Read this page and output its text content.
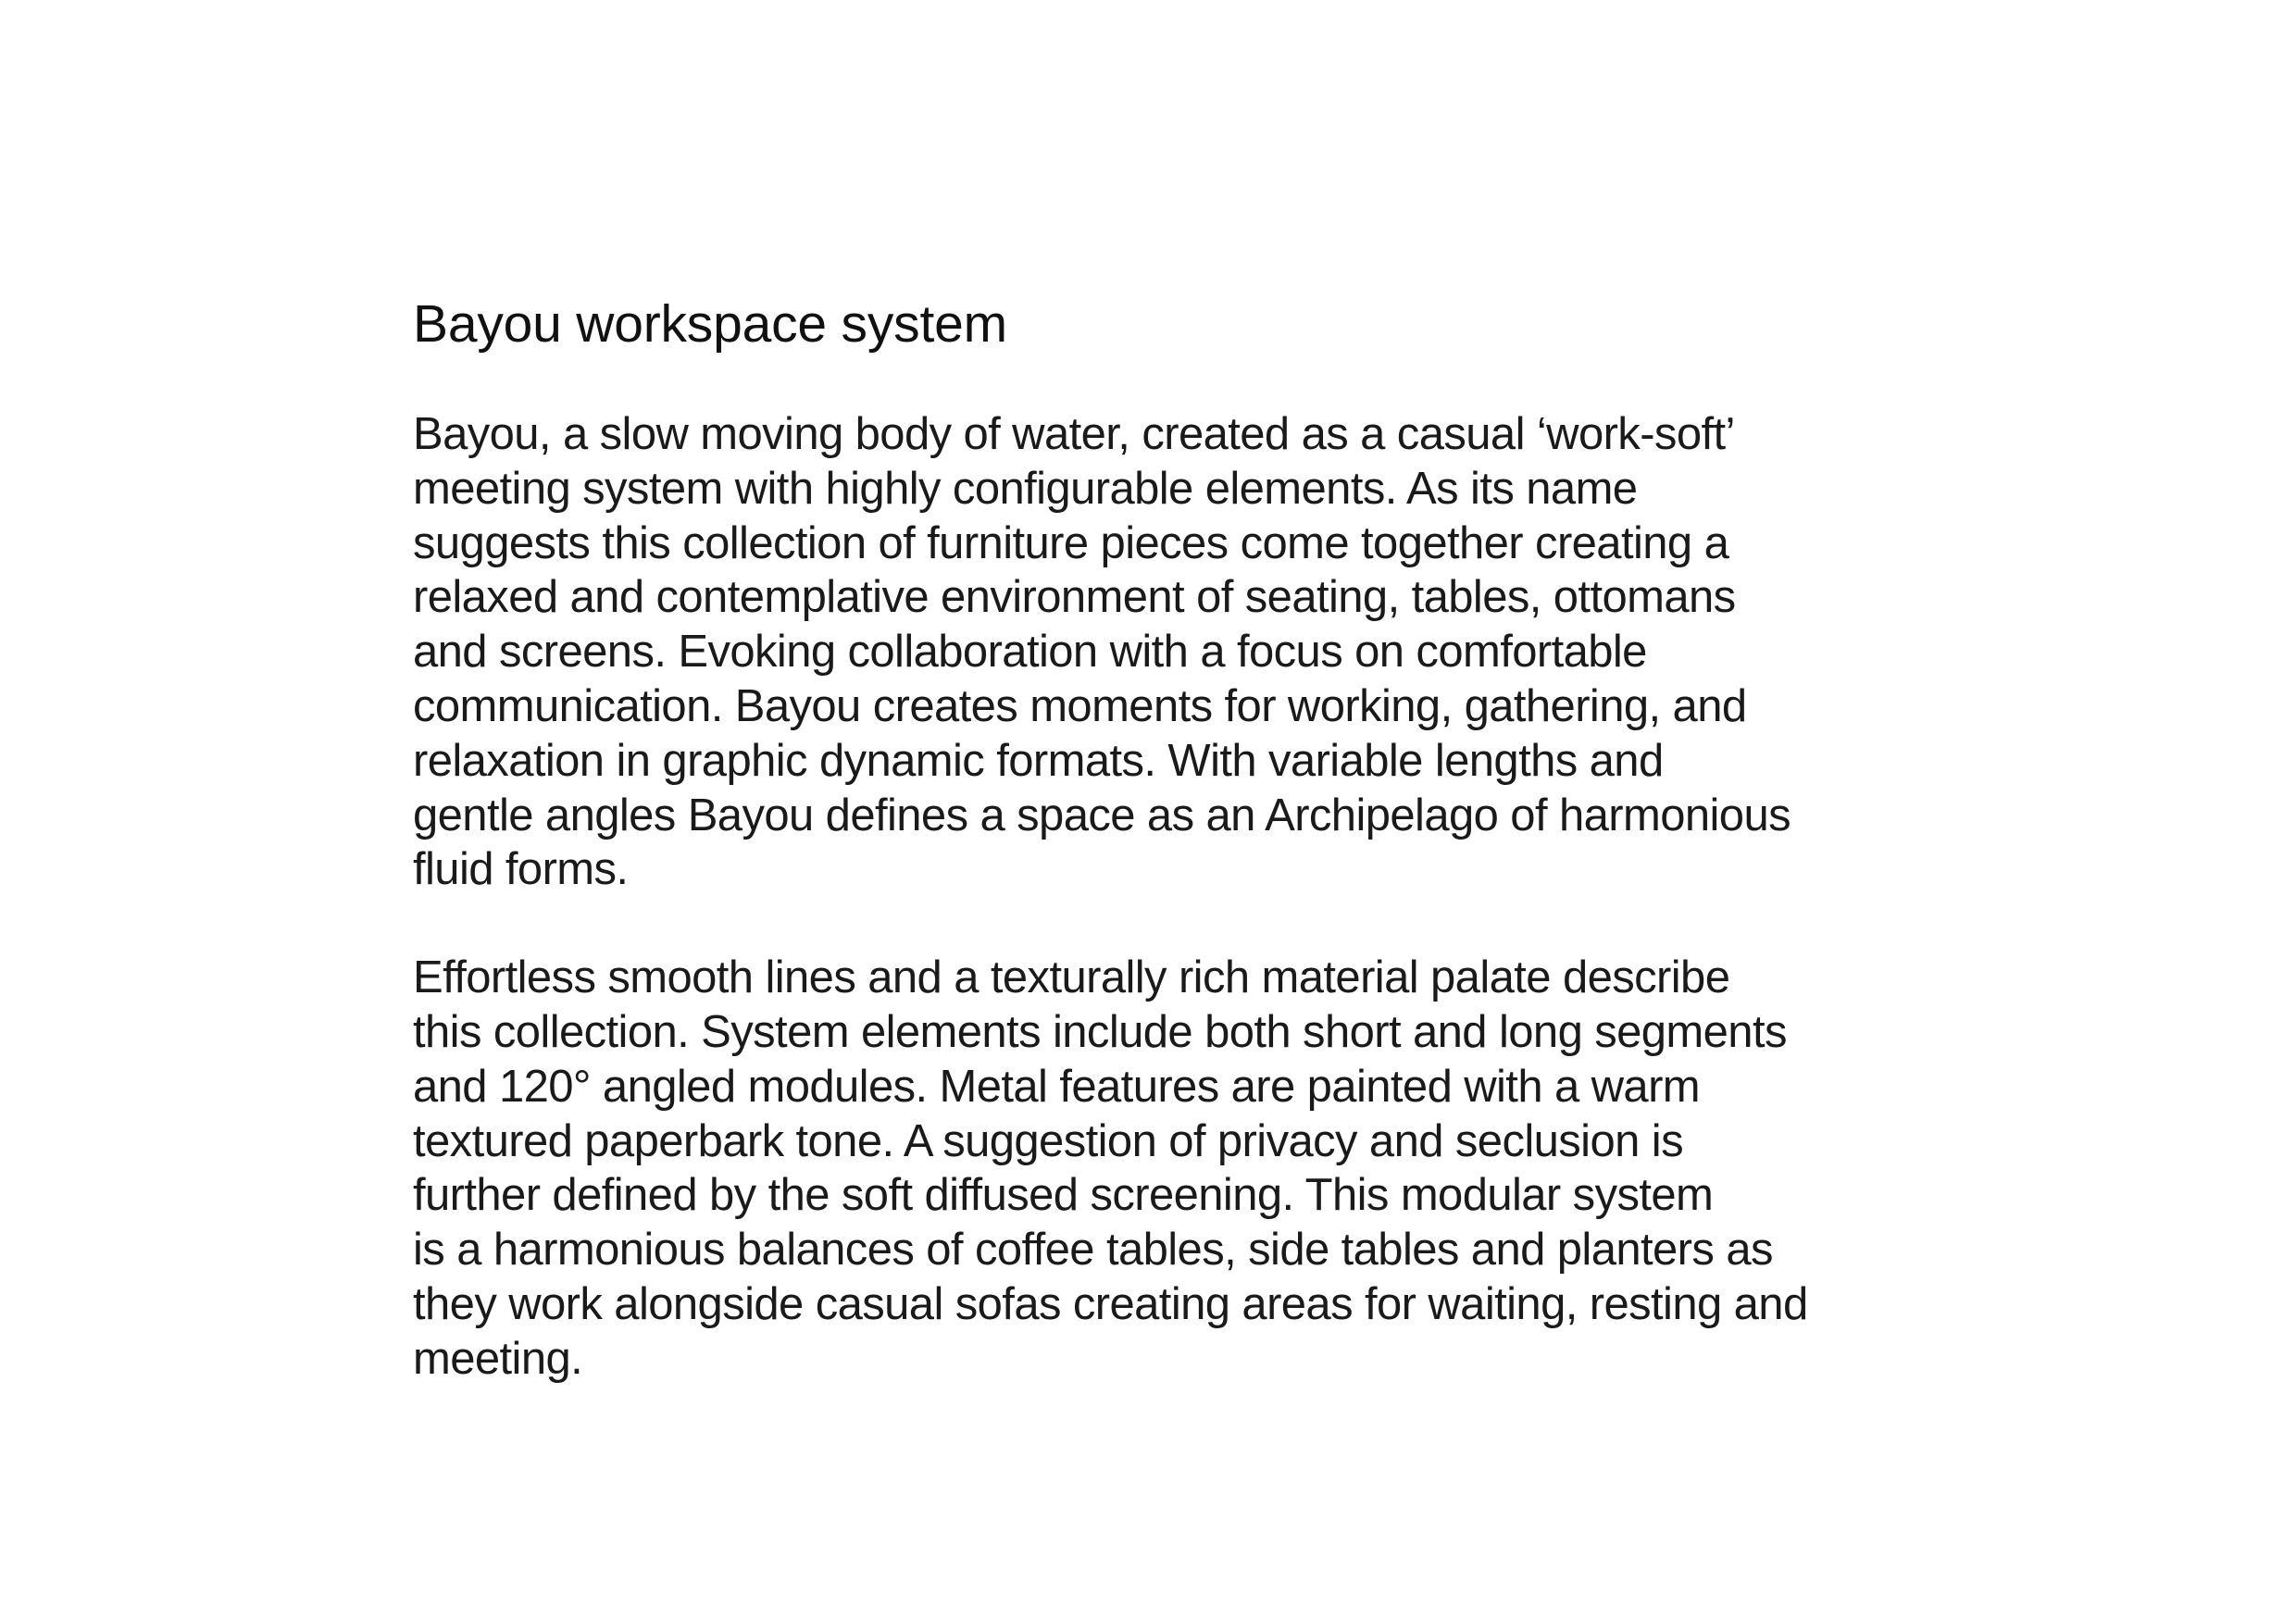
Bayou workspace system

Bayou, a slow moving body of water, created as a casual ‘work-soft’
meeting system with highly configurable elements. As its name
suggests this collection of furniture pieces come together creating a
relaxed and contemplative environment of seating, tables, ottomans
and screens. Evoking collaboration with a focus on comfortable
communication. Bayou creates moments for working, gathering, and
relaxation in graphic dynamic formats. With variable lengths and
gentle angles Bayou defines a space as an Archipelago of harmonious
fluid forms.

Effortless smooth lines and a texturally rich material palate describe
this collection. System elements include both short and long segments
and 120° angled modules. Metal features are painted with a warm
textured paperbark tone. A suggestion of privacy and seclusion is
further defined by the soft diffused screening. This modular system
is a harmonious balances of coffee tables, side tables and planters as
they work alongside casual sofas creating areas for waiting, resting and
meeting.
